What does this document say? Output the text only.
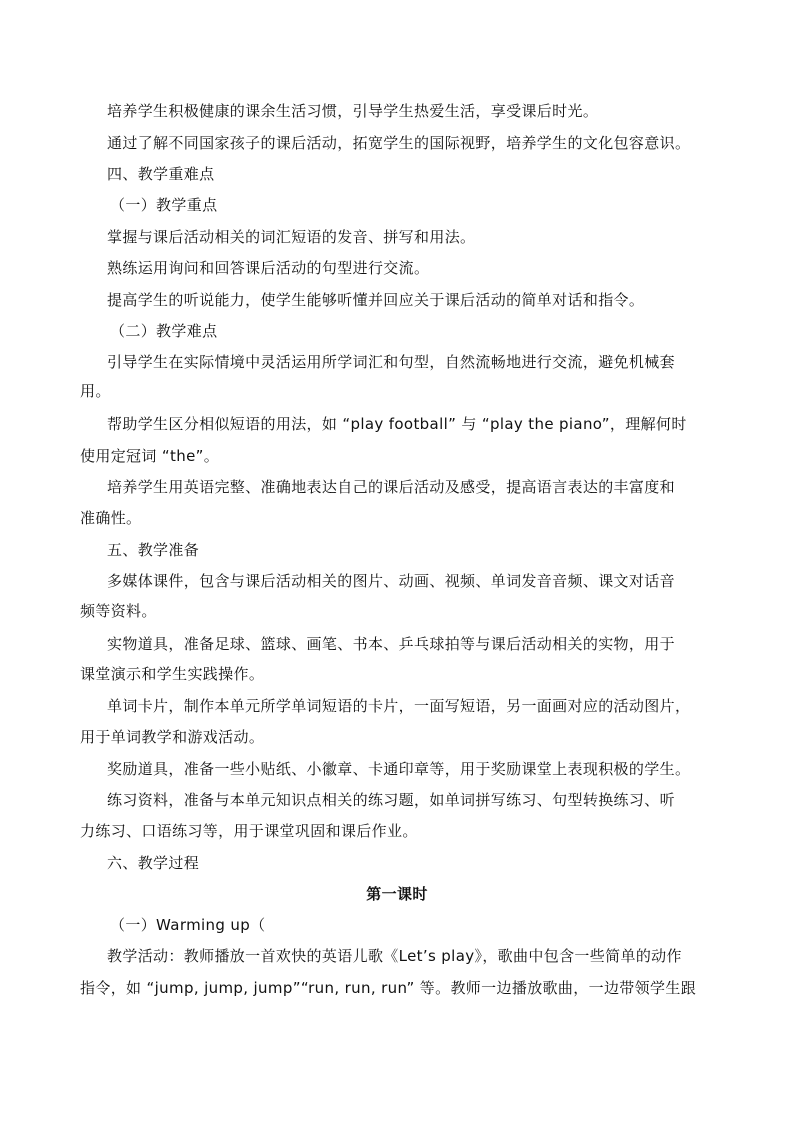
培养学生积极健康的课余生活习惯，引导学生热爱生活，享受课后时光。
通过了解不同国家孩子的课后活动，拓宽学生的国际视野，培养学生的文化包容意识。
四、教学重难点
（一）教学重点
掌握与课后活动相关的词汇短语的发音、拼写和用法。
熟练运用询问和回答课后活动的句型进行交流。
提高学生的听说能力，使学生能够听懂并回应关于课后活动的简单对话和指令。
（二）教学难点
引导学生在实际情境中灵活运用所学词汇和句型，自然流畅地进行交流，避免机械套
用。
帮助学生区分相似短语的用法，如 “play football” 与 “play the piano”，理解何时
使用定冠词 “the”。
培养学生用英语完整、准确地表达自己的课后活动及感受，提高语言表达的丰富度和
准确性。
五、教学准备
多媒体课件，包含与课后活动相关的图片、动画、视频、单词发音音频、课文对话音
频等资料。
实物道具，准备足球、篮球、画笔、书本、乒乓球拍等与课后活动相关的实物，用于
课堂演示和学生实践操作。
单词卡片，制作本单元所学单词短语的卡片，一面写短语，另一面画对应的活动图片，
用于单词教学和游戏活动。
奖励道具，准备一些小贴纸、小徽章、卡通印章等，用于奖励课堂上表现积极的学生。
练习资料，准备与本单元知识点相关的练习题，如单词拼写练习、句型转换练习、听
力练习、口语练习等，用于课堂巩固和课后作业。
六、教学过程
第一课时
（一）Warming up（
教学活动：教师播放一首欢快的英语儿歌《Let’s play》，歌曲中包含一些简单的动作
指令，如 “jump, jump, jump”“run, run, run” 等。教师一边播放歌曲，一边带领学生跟
